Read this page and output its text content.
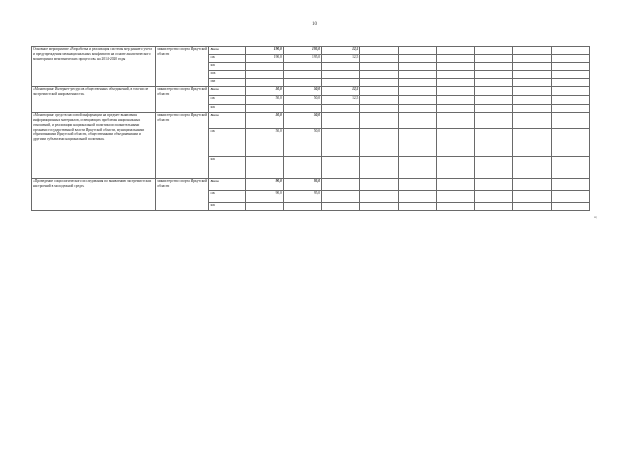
10
Основное мероприятие «Разработка и реализация системы мер раннего учета и предупреждения межнациональных конфликтов на основе аналитического мониторинга межэтнических процессов» на 2014-2020 годы	министерство спорта Иркутской области	Всего	190,0	195,0	12,5						
		ОБ	190,0	195,0	12,5						
		ФБ									
		МБ									
		ИИ									
«Мониторинг Интернет-ресурсов общественных объединений, в том числе экстремистской направленности»	министерство спорта Иркутской области	Всего	50,0	50,0	12,5						
		ОБ	50,0	50,0	12,5						
		ФБ									
«Мониторинг средств массовой информации на предмет выявления информационных материалов, освещающих проблемы национальных отношений, и реализации национальной политики исполнительными органами государственной власти Иркутской области, муниципальными образованиями Иркутской области, общественными объединениями и другими субъектами национальной политики»	министерство спорта Иркутской области	Всего	50,0	50,0							
		ОБ	50,0	50,0							
		ФБ									
«Проведение социологического исследования по выявлению экстремистских настроений в молодежной среде»	министерство спорта Иркутской области	Всего	90,0	95,0							
		ОБ	90,0	95,0							
		ФБ									
»;
